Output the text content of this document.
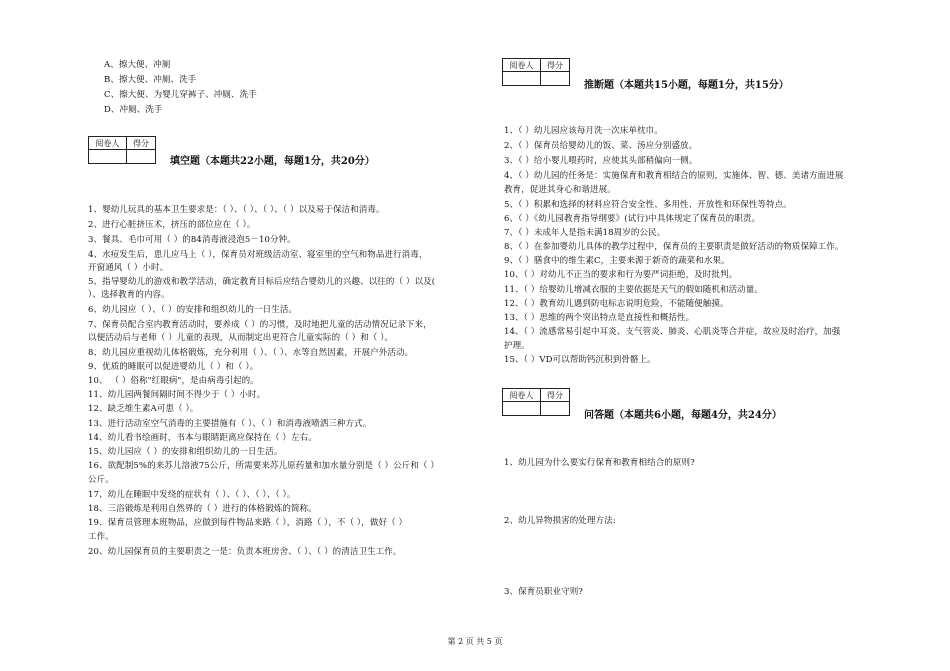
A、擦大便、冲厕
B、擦大便、冲厕、洗手
C、擦大便、为婴儿穿裤子、冲厕、洗手
D、冲厕、洗手
阅卷人	得分

填空题（本题共22小题，每题1分，共20分）
1、婴幼儿玩具的基本卫生要求是：（ ）、（ ）、（ ）、（ ）以及易于保洁和消毒。
2、进行心脏挤压术，挤压的部位应在（ ）。
3、餐具、毛巾可用（ ）的84消毒液浸泡5－10分钟。
4、水痘发生后，患儿应马上（ ），保育员对班级活动室、寝室里的空气和物品进行消毒，
开窗通风（ ）小时。
5、指导婴幼儿的游戏和教学活动，确定教育目标后应结合婴幼儿的兴趣、以往的（ ）以及(
）、选择教育的内容。
6、幼儿园应（ ）、（ ）的安排和组织幼儿的一日生活。
7、保育员配合室内教育活动时，要养成（ ）的习惯，及时地把儿童的活动情况记录下来，
以便活动后与老师（ ）儿童的表现，从而制定出更符合儿童实际的（ ）和（ ）。
8、幼儿园应重视幼儿体格锻炼，充分利用（ ）、（ ）、水等自然因素，开展户外活动。
9、优质的睡眠可以促进婴幼儿（ ）和（ ）。
10、 （ ）俗称"红眼病"，是由病毒引起的。
11、幼儿园两餐间隔时间不得少于（ ）小时。
12、缺乏维生素A可患（ ）。
13、进行活动室空气消毒的主要措施有（ ）、（ ）和消毒液喷洒三种方式。
14、幼儿看书绘画时，书本与眼睛距离应保持在（ ）左右。
15、幼儿园应（ ）的安排和组织幼儿的一日生活。
16、欲配制5%的来苏儿溶液75公斤，所需要来苏儿原药量和加水量分别是（ ）公斤和（ ）
公斤。
17、幼儿在睡眠中发绕的症状有（ ）、（ ）、（ ）、（ ）。
18、三浴锻炼是利用自然界的（ ）进行的体格锻炼的简称。
19、保育员管理本班物品，应做到每件物品来路（ ），消路（ ），不（ ），做好（ ）
工作。
20、幼儿园保育员的主要职责之一是：负责本班房舍、（ ）、（ ）的清洁卫生工作。
阅卷人	得分

推断题（本题共15小题，每题1分，共15分）
1、（ ）幼儿园应该每月洗一次床单枕巾。
2、（ ）保育员给婴幼儿的饭、菜、汤应分别盛放。
3、（ ）给小婴儿喂药时，应使其头部稍偏向一侧。
4、（ ）幼儿园的任务是：实施保育和教育相结合的原则，实施体、智、德、美诸方面进展
教育，促进其身心和谐进展。
5、（ ）积累和选择的材料应符合安全性、多用性、开放性和环保性等特点。
6、（ ）《幼儿园教育指导纲要》(试行)中具体规定了保育员的职责。
7、（ ）未成年人是指未满18周岁的公民。
8、（ ）在参加婴幼儿具体的教学过程中，保育员的主要职责是做好活动的物质保障工作。
9、（ ）膳食中的维生素C，主要来源于新奇的蔬菜和水果。
10、（ ）对幼儿不正当的要求和行为要严词拒绝，及时批判。
11、（ ）给婴幼儿增减衣服的主要依据是天气的假如随机和活动量。
12、（ ）教育幼儿遇到防电标志说明危险，不能随便触摸。
13、（ ）思维的两个突出特点是直接性和概括性。
14、（ ）流感常易引起中耳炎、支气管炎、肺炎、心肌炎等合并症，故应及时治疗，加强
护理。
15、（ ）VD可以帮助钙沉积到骨骼上。
阅卷人	得分

问答题（本题共6小题，每题4分，共24分）
1、幼儿园为什么要实行保育和教育相结合的原则?
2、幼儿异物损害的处理方法:
3、保育员职业守则?
第 2 页 共 5 页
